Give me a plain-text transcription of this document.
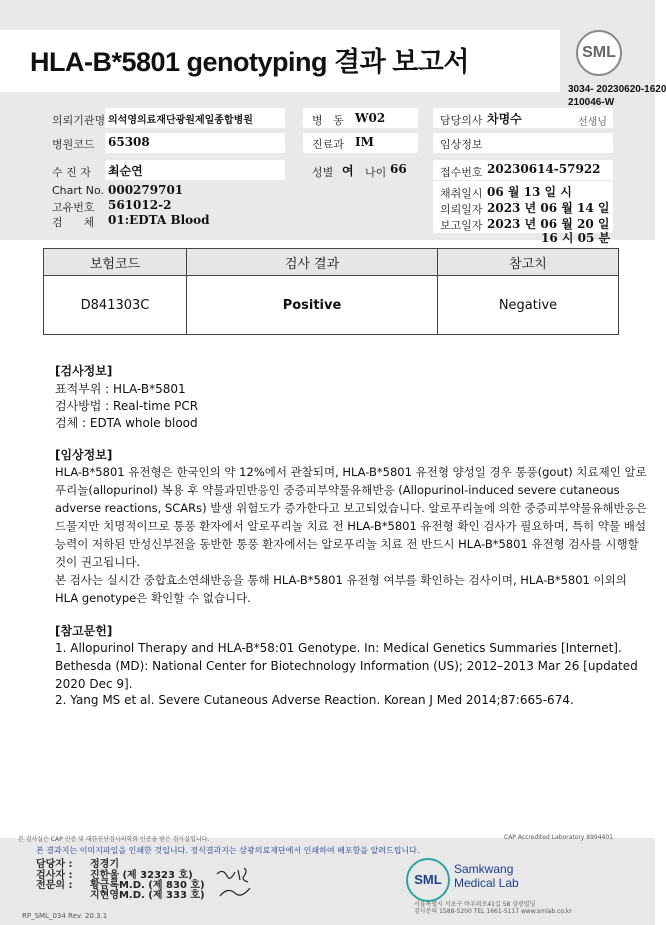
HLA-B*5801 genotyping 결과 보고서	SML
3034- 20230620-1620
210046-W
의뢰기관명 의석영의료재단광원제일종합병원
병원코드 65308
수 진 자 최순연
Chart No. 000279701
고유번호 561012-2
검      체 01:EDTA Blood
병   동 W02
진료과 IM
성별 여 나이 66
담당의사 차명수	선생님
임상정보
접수번호 20230614-57922
채취일시 06 월 13 일 시
의뢰일자 2023 년 06 월 14 일
보고일자 2023 년 06 월 20 일
16 시 05 분
보험코드	검사 결과	참고치
D841303C	Positive	Negative
[검사정보]
표적부위 : HLA-B*5801
검사방법 : Real-time PCR
검체 : EDTA whole blood
[임상정보]
HLA-B*5801 유전형은 한국인의 약 12%에서 관찰되며, HLA-B*5801 유전형 양성일 경우 통풍(gout) 치료제인 알로푸리놀(allopurinol) 복용 후 약물과민반응인 중증피부약물유해반응 (Allopurinol-induced severe cutaneous adverse reactions, SCARs) 발생 위험도가 증가한다고 보고되었습니다. 알로푸리놀에 의한 중증피부약물유해반응은 드물지만 치명적이므로 통풍 환자에서 알로푸리놀 치료 전 HLA-B*5801 유전형 확인 검사가 필요하며, 특히 약물 배설능력이 저하된 만성신부전을 동반한 통풍 환자에서는 알로푸리놀 치료 전 반드시 HLA-B*5801 유전형 검사를 시행할 것이 권고됩니다.
본 검사는 실시간 중합효소연쇄반응을 통해 HLA-B*5801 유전형 여부를 확인하는 검사이며, HLA-B*5801 이외의 HLA genotype은 확인할 수 없습니다.
[참고문헌]
1. Allopurinol Therapy and HLA-B*58:01 Genotype. In: Medical Genetics Summaries [Internet]. Bethesda (MD): National Center for Biotechnology Information (US); 2012–2013 Mar 26 [updated 2020 Dec 9].
2. Yang MS et al. Severe Cutaneous Adverse Reaction. Korean J Med 2014;87:665-674.
본 검사실은 CAP 인증 및 대한진단검사의학회 인증을 받은 검사실입니다.	CAP Accredited Laboratory 8994401
본 결과지는 이미지파일을 인쇄한 것입니다. 정식결과지는 삼광의료재단에서 인쇄하여 배포함을 알려드립니다.
담당자 : 정경기
검사자 : 진한울 (제 32323 호)
전문의 : 황금록M.D. (제 830 호)
지현영M.D. (제 333 호)
SML
Samkwang
Medical Lab
서울특별시 서초구 바우뫼로41길 58 삼광빌딩
검사문의 1588-5200 TEL 1661-5117 www.smlab.co.kr
RP_SML_034 Rev. 20.3.1
